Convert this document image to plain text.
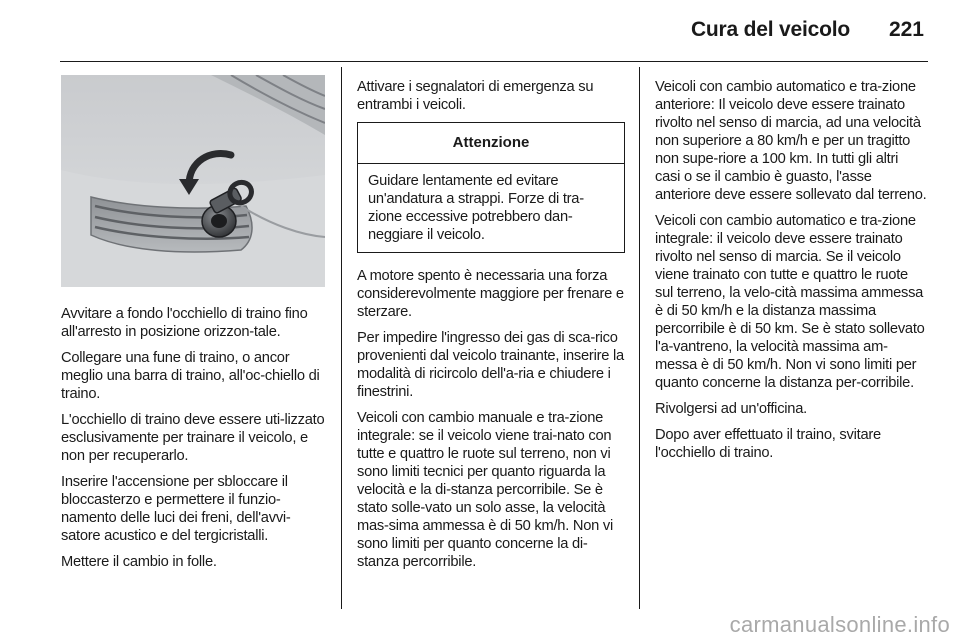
Cura del veicolo	221

Avvitare a fondo l'occhiello di traino fino all'arresto in posizione orizzon-tale.

Collegare una fune di traino, o ancor meglio una barra di traino, all'oc-chiello di traino.

L'occhiello di traino deve essere uti-lizzato esclusivamente per trainare il veicolo, e non per recuperarlo.

Inserire l'accensione per sbloccare il bloccasterzo e permettere il funzio-namento delle luci dei freni, dell'avvi-satore acustico e del tergicristalli.

Mettere il cambio in folle.

Attivare i segnalatori di emergenza su entrambi i veicoli.

Attenzione
Guidare lentamente ed evitare un'andatura a strappi. Forze di tra-zione eccessive potrebbero dan-neggiare il veicolo.

A motore spento è necessaria una forza considerevolmente maggiore per frenare e sterzare.

Per impedire l'ingresso dei gas di sca-rico provenienti dal veicolo trainante, inserire la modalità di ricircolo dell'a-ria e chiudere i finestrini.

Veicoli con cambio manuale e tra-zione integrale: se il veicolo viene trai-nato con tutte e quattro le ruote sul terreno, non vi sono limiti tecnici per quanto riguarda la velocità e la di-stanza percorribile. Se è stato solle-vato un solo asse, la velocità mas-sima ammessa è di 50 km/h. Non vi sono limiti per quanto concerne la di-stanza percorribile.

Veicoli con cambio automatico e tra-zione anteriore: Il veicolo deve essere trainato rivolto nel senso di marcia, ad una velocità non superiore a 80 km/h e per un tragitto non supe-riore a 100 km. In tutti gli altri casi o se il cambio è guasto, l'asse anteriore deve essere sollevato dal terreno.

Veicoli con cambio automatico e tra-zione integrale: il veicolo deve essere trainato rivolto nel senso di marcia. Se il veicolo viene trainato con tutte e quattro le ruote sul terreno, la velo-cità massima ammessa è di 50 km/h e la distanza massima percorribile è di 50 km. Se è stato sollevato l'a-vantreno, la velocità massima am-messa è di 50 km/h. Non vi sono limiti per quanto concerne la distanza per-corribile.

Rivolgersi ad un'officina.

Dopo aver effettuato il traino, svitare l'occhiello di traino.

carmanualsonline.info
